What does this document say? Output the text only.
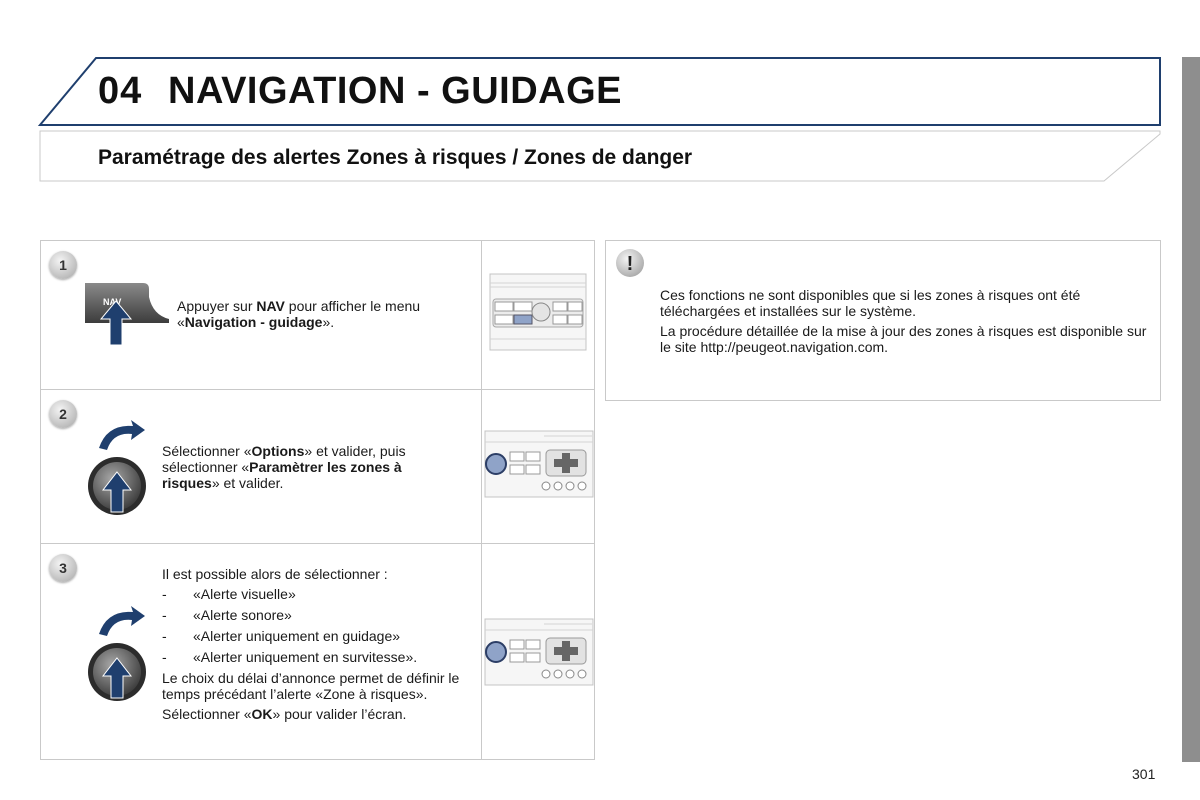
04 NAVIGATION - GUIDAGE
Paramétrage des alertes Zones à risques / Zones de danger
1
NAV	Appuyer sur NAV pour afficher le menu «Navigation - guidage».
2
Sélectionner «Options» et valider, puis sélectionner «Paramètrer les zones à risques» et valider.
3	Il est possible alors de sélectionner :
- «Alerte visuelle»
- «Alerte sonore»
- «Alerter uniquement en guidage»
- «Alerter uniquement en survitesse».
Le choix du délai d’annonce permet de définir le temps précédant l’alerte «Zone à risques».
Sélectionner «OK» pour valider l’écran.
!

Ces fonctions ne sont disponibles que si les zones à risques ont été téléchargées et installées sur le système.

La procédure détaillée de la mise à jour des zones à risques est disponible sur le site http://peugeot.navigation.com.

301
